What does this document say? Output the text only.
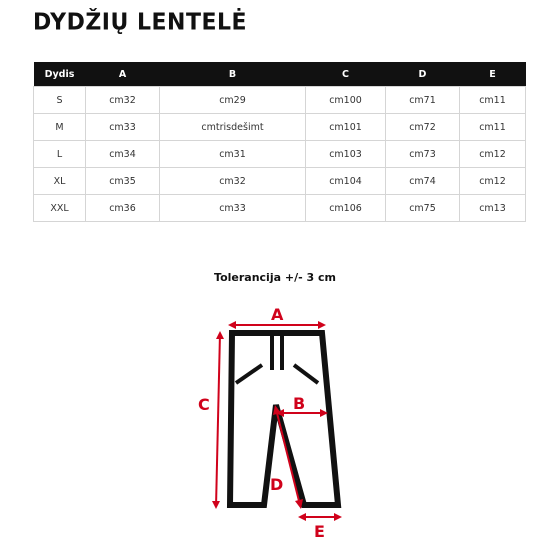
DYDŽIŲ LENTELĖ
Dydis	A	B	C	D	E
S	cm32	cm29	cm100	cm71	cm11
M	cm33	cmtrisdešimt	cm101	cm72	cm11
L	cm34	cm31	cm103	cm73	cm12
XL	cm35	cm32	cm104	cm74	cm12
XXL	cm36	cm33	cm106	cm75	cm13
Tolerancija +/- 3 cm
A
B
C
D
E
